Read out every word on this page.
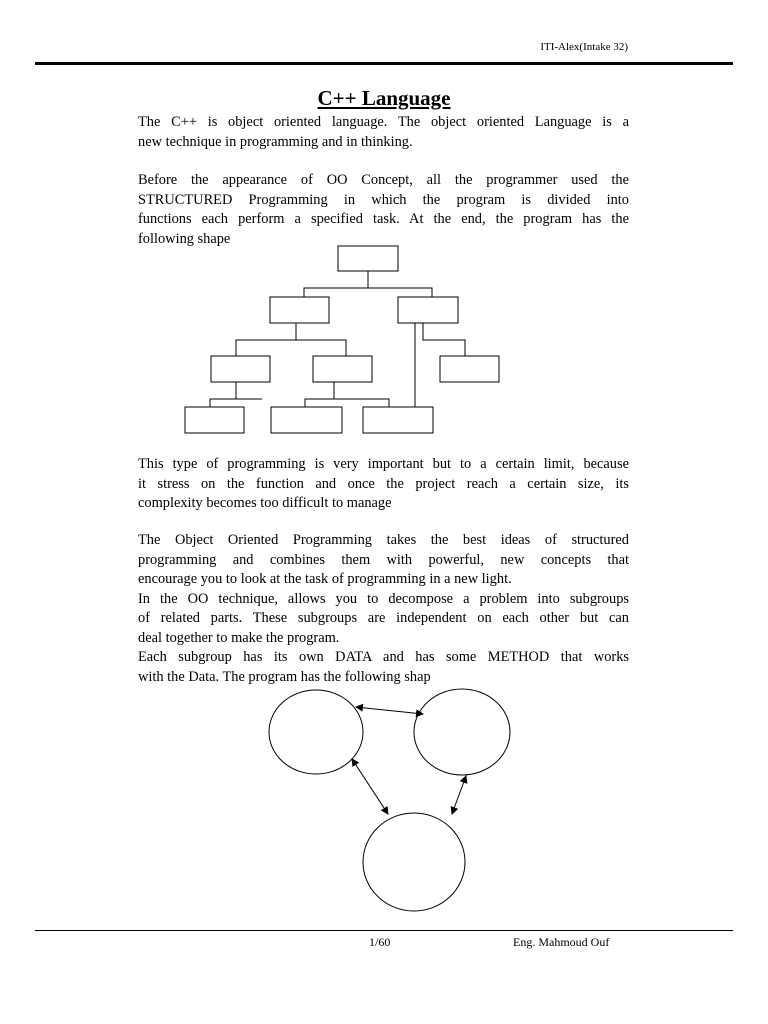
ITI-Alex(Intake 32)
C++ Language

The C++ is object oriented language. The object oriented Language is a
new technique in programming and in thinking.

Before the appearance of OO Concept, all the programmer used the
STRUCTURED Programming in which the program is divided into
functions each perform a specified task. At the end, the program has the
following shape

This type of programming is very important but to a certain limit, because
it stress on the function and once the project reach a certain size, its
complexity becomes too difficult to manage

The Object Oriented Programming takes the best ideas of structured
programming and combines them with powerful, new concepts that
encourage you to look at the task of programming in a new light.
In the OO technique, allows you to decompose a problem into subgroups
of related parts. These subgroups are independent on each other but can
deal together to make the program.
Each subgroup has its own DATA and has some METHOD that works
with the Data. The program has the following shap

1/60	Eng. Mahmoud Ouf
